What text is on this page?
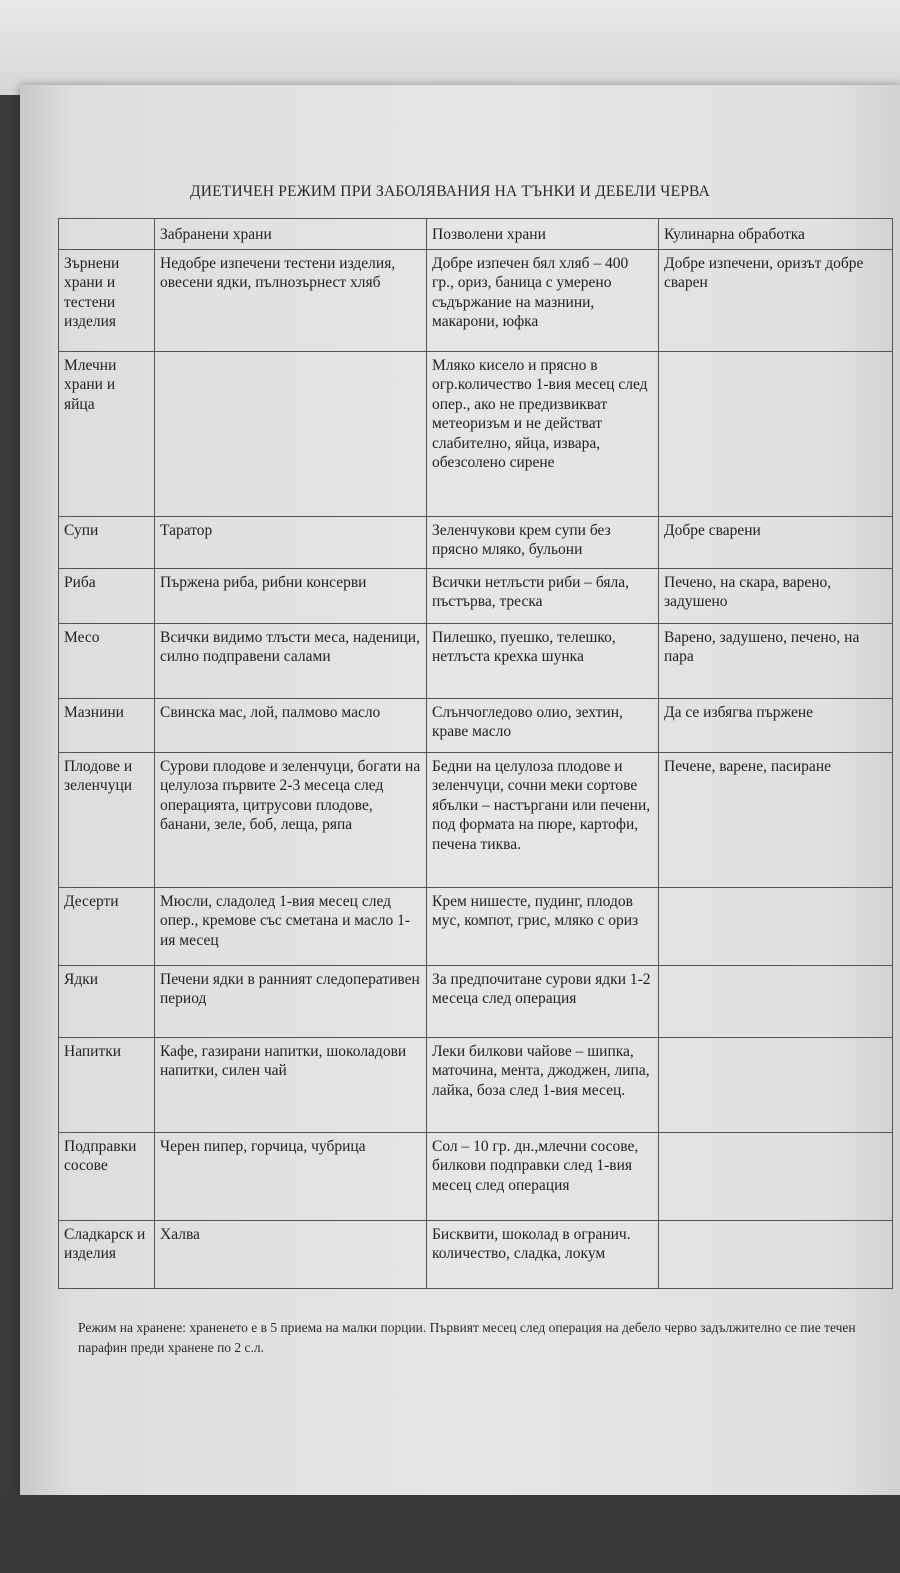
ДИЕТИЧЕН РЕЖИМ ПРИ ЗАБОЛЯВАНИЯ НА ТЪНКИ И ДЕБЕЛИ ЧЕРВА
	Забранени храни	Позволени храни	Кулинарна обработка
Зърнени храни и тестени изделия	Недобре изпечени тестени изделия, овесени ядки, пълнозърнест хляб	Добре изпечен бял хляб – 400 гр., ориз, баница с умерено съдържание на мазнини, макарони, юфка	Добре изпечени, оризът добре сварен
Млечни храни и яйца		Мляко кисело и прясно в огр.количество 1-вия месец след опер., ако не предизвикват метеоризъм и не действат слабително, яйца, извара, обезсолено сирене	
Супи	Таратор	Зеленчукови крем супи без прясно мляко, бульони	Добре сварени
Риба	Пържена риба, рибни консерви	Всички нетлъсти риби – бяла, пъстърва, треска	Печено, на скара, варено, задушено
Месо	Всички видимо тлъсти меса, наденици, силно подправени салами	Пилешко, пуешко, телешко, нетлъста крехка шунка	Варено, задушено, печено, на пара
Мазнини	Свинска мас, лой, палмово масло	Слънчогледово олио, зехтин, краве масло	Да се избягва пържене
Плодове и зеленчуци	Сурови плодове и зеленчуци, богати на целулоза първите 2-3 месеца след операцията, цитрусови плодове, банани, зеле, боб, леща, ряпа	Бедни на целулоза плодове и зеленчуци, сочни меки сортове ябълки – настъргани или печени, под формата на пюре, картофи, печена тиква.	Печене, варене, пасиране
Десерти	Мюсли, сладолед 1-вия месец след опер., кремове със сметана и масло 1-ия месец	Крем нишесте, пудинг, плодов мус, компот, грис, мляко с ориз	
Ядки	Печени ядки в ранният следоперативен период	За предпочитане сурови ядки 1-2 месеца след операция	
Напитки	Кафе, газирани напитки, шоколадови напитки, силен чай	Леки билкови чайове – шипка, маточина, мента, джоджен, липа, лайка, боза след 1-вия месец.	
Подправки сосове	Черен пипер, горчица, чубрица	Сол – 10 гр. дн.,млечни сосове, билкови подправки след 1-вия месец след операция	
Сладкарск и изделия	Халва	Бисквити, шоколад в огранич. количество, сладка, локум	
Режим на хранене: храненето е в 5 приема на малки порции. Първият месец след операция на дебело черво задължително се пие течен парафин преди хранене по 2 с.л.
